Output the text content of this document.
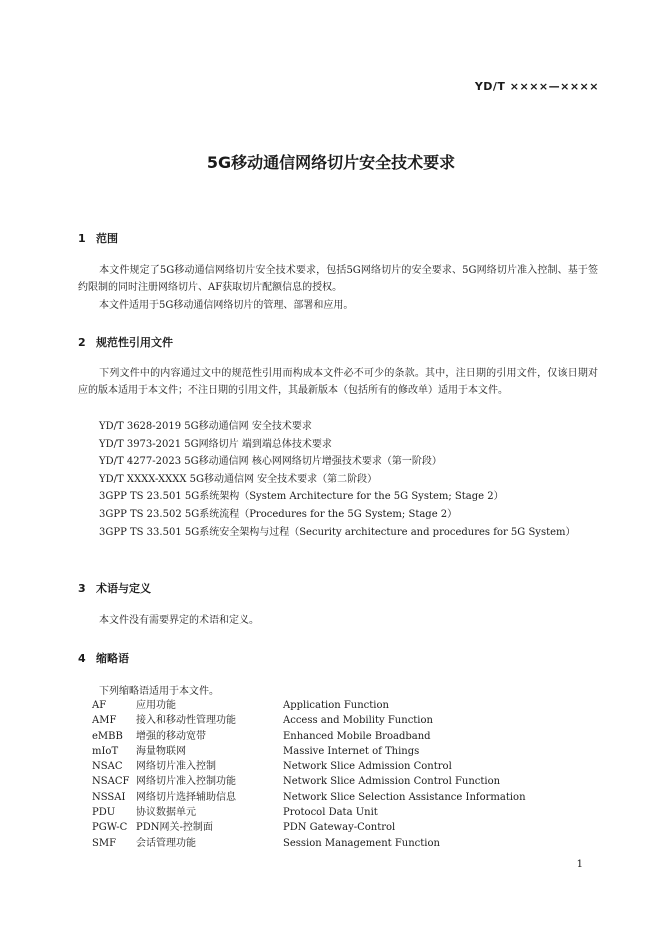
YD/T ××××—××××
5G移动通信网络切片安全技术要求
1 范围
本文件规定了5G移动通信网络切片安全技术要求，包括5G网络切片的安全要求、5G网络切片准入控制、基于签约限制的同时注册网络切片、AF获取切片配额信息的授权。
本文件适用于5G移动通信网络切片的管理、部署和应用。
2 规范性引用文件
下列文件中的内容通过文中的规范性引用而构成本文件必不可少的条款。其中，注日期的引用文件，仅该日期对应的版本适用于本文件；不注日期的引用文件，其最新版本（包括所有的修改单）适用于本文件。
YD/T 3628-2019 5G移动通信网 安全技术要求
YD/T 3973-2021 5G网络切片 端到端总体技术要求
YD/T 4277-2023 5G移动通信网 核心网网络切片增强技术要求（第一阶段）
YD/T XXXX-XXXX 5G移动通信网 安全技术要求（第二阶段）
3GPP TS 23.501 5G系统架构（System Architecture for the 5G System; Stage 2）
3GPP TS 23.502 5G系统流程（Procedures for the 5G System; Stage 2）
3GPP TS 33.501 5G系统安全架构与过程（Security architecture and procedures for 5G System）
3 术语与定义
本文件没有需要界定的术语和定义。
4 缩略语
下列缩略语适用于本文件。
AF	应用功能	Application Function
AMF 接入和移动性管理功能	Access and Mobility Function
eMBB 增强的移动宽带	Enhanced Mobile Broadband
mIoT 海量物联网	Massive Internet of Things
NSAC 网络切片准入控制	Network Slice Admission Control
NSACF 网络切片准入控制功能	Network Slice Admission Control Function
NSSAI 网络切片选择辅助信息	Network Slice Selection Assistance Information
PDU 协议数据单元	Protocol Data Unit
PGW-C PDN网关-控制面	PDN Gateway-Control
SMF 会话管理功能	Session Management Function
1
